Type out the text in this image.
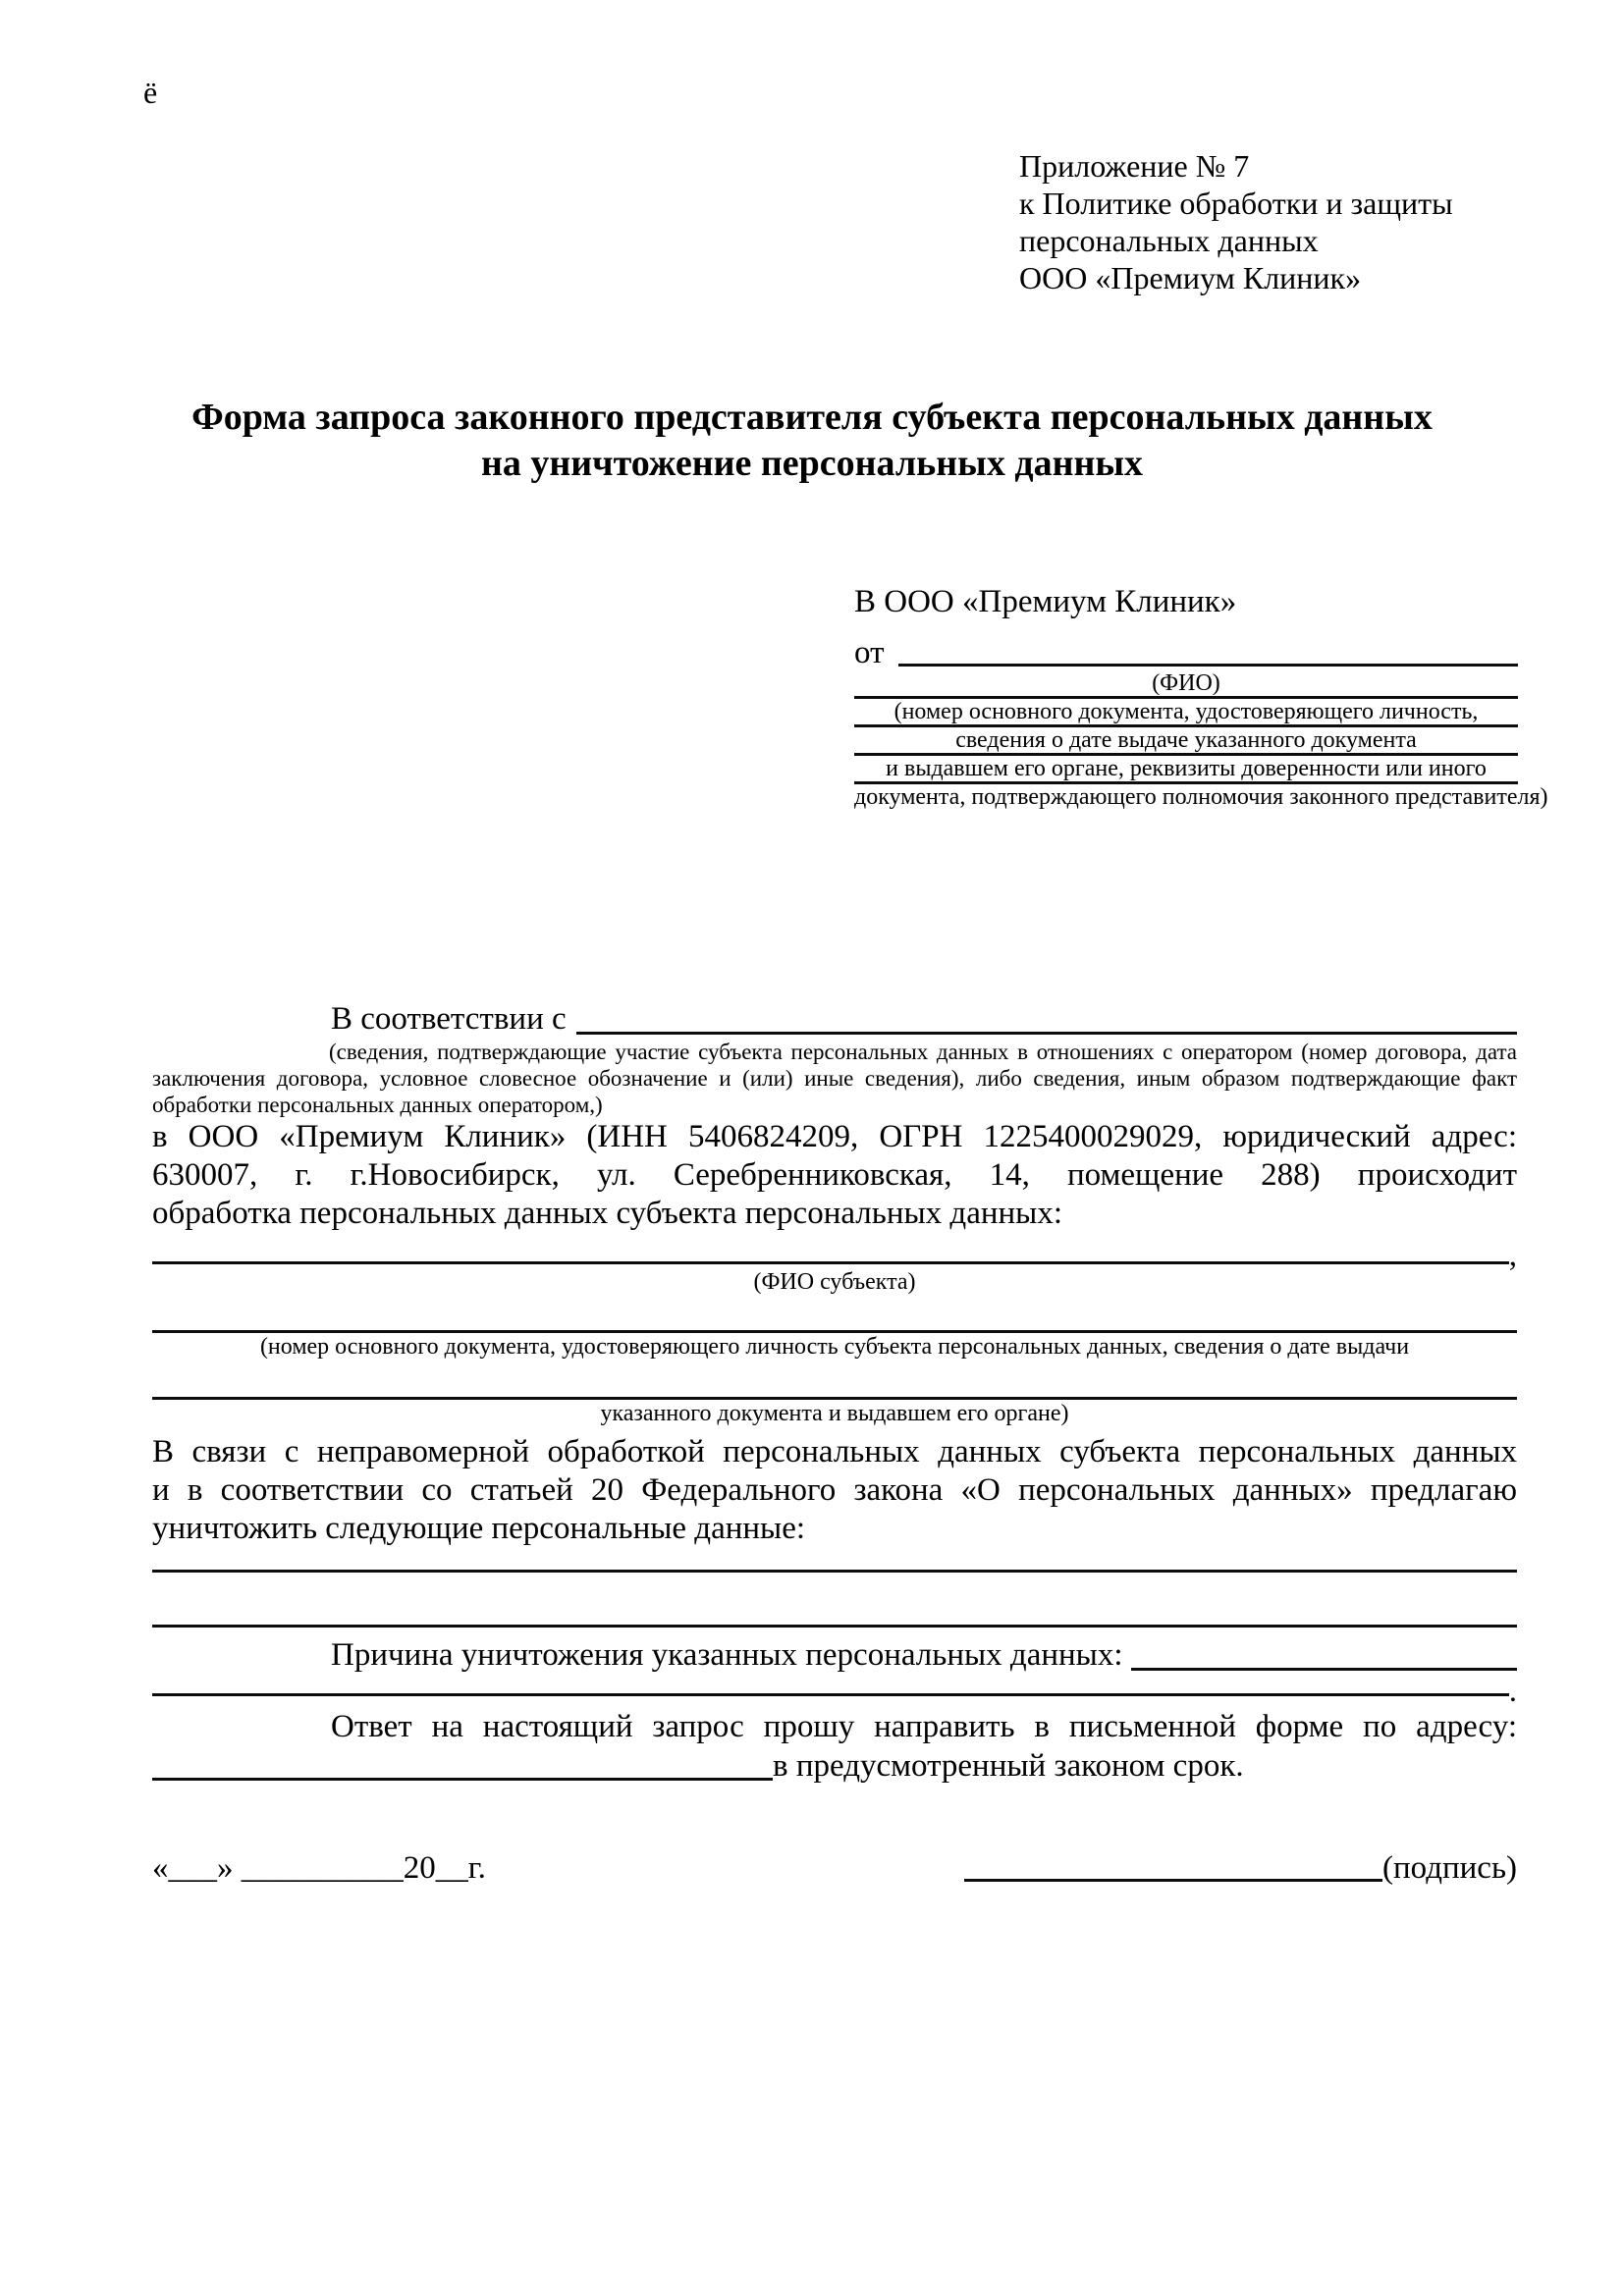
ё
Приложение № 7
к Политике обработки и защиты
персональных данных
ООО «Премиум Клиник»
Форма запроса законного представителя субъекта персональных данных
на уничтожение персональных данных
В ООО «Премиум Клиник»
от
(ФИО)
(номер основного документа, удостоверяющего личность,
сведения о дате выдаче указанного документа
и выдавшем его органе, реквизиты доверенности или иного
документа, подтверждающего полномочия законного представителя)
В соответствии с
(сведения, подтверждающие участие субъекта персональных данных в отношениях с оператором (номер договора, дата
заключения договора, условное словесное обозначение и (или) иные сведения), либо сведения, иным образом подтверждающие факт
обработки персональных данных оператором,)
в ООО «Премиум Клиник» (ИНН 5406824209, ОГРН 1225400029029, юридический адрес:
630007, г. г.Новосибирск, ул. Серебренниковская, 14, помещение 288) происходит
обработка персональных данных субъекта персональных данных:
,
(ФИО субъекта)
(номер основного документа, удостоверяющего личность субъекта персональных данных, сведения о дате выдачи
указанного документа и выдавшем его органе)
В связи с неправомерной обработкой персональных данных субъекта персональных данных
и в соответствии со статьей 20 Федерального закона «О персональных данных» предлагаю
уничтожить следующие персональные данные:
Причина уничтожения указанных персональных данных:
.
Ответ на настоящий запрос прошу направить в письменной форме по адресу:
в предусмотренный законом срок.
«___» __________20__г.	(подпись)
